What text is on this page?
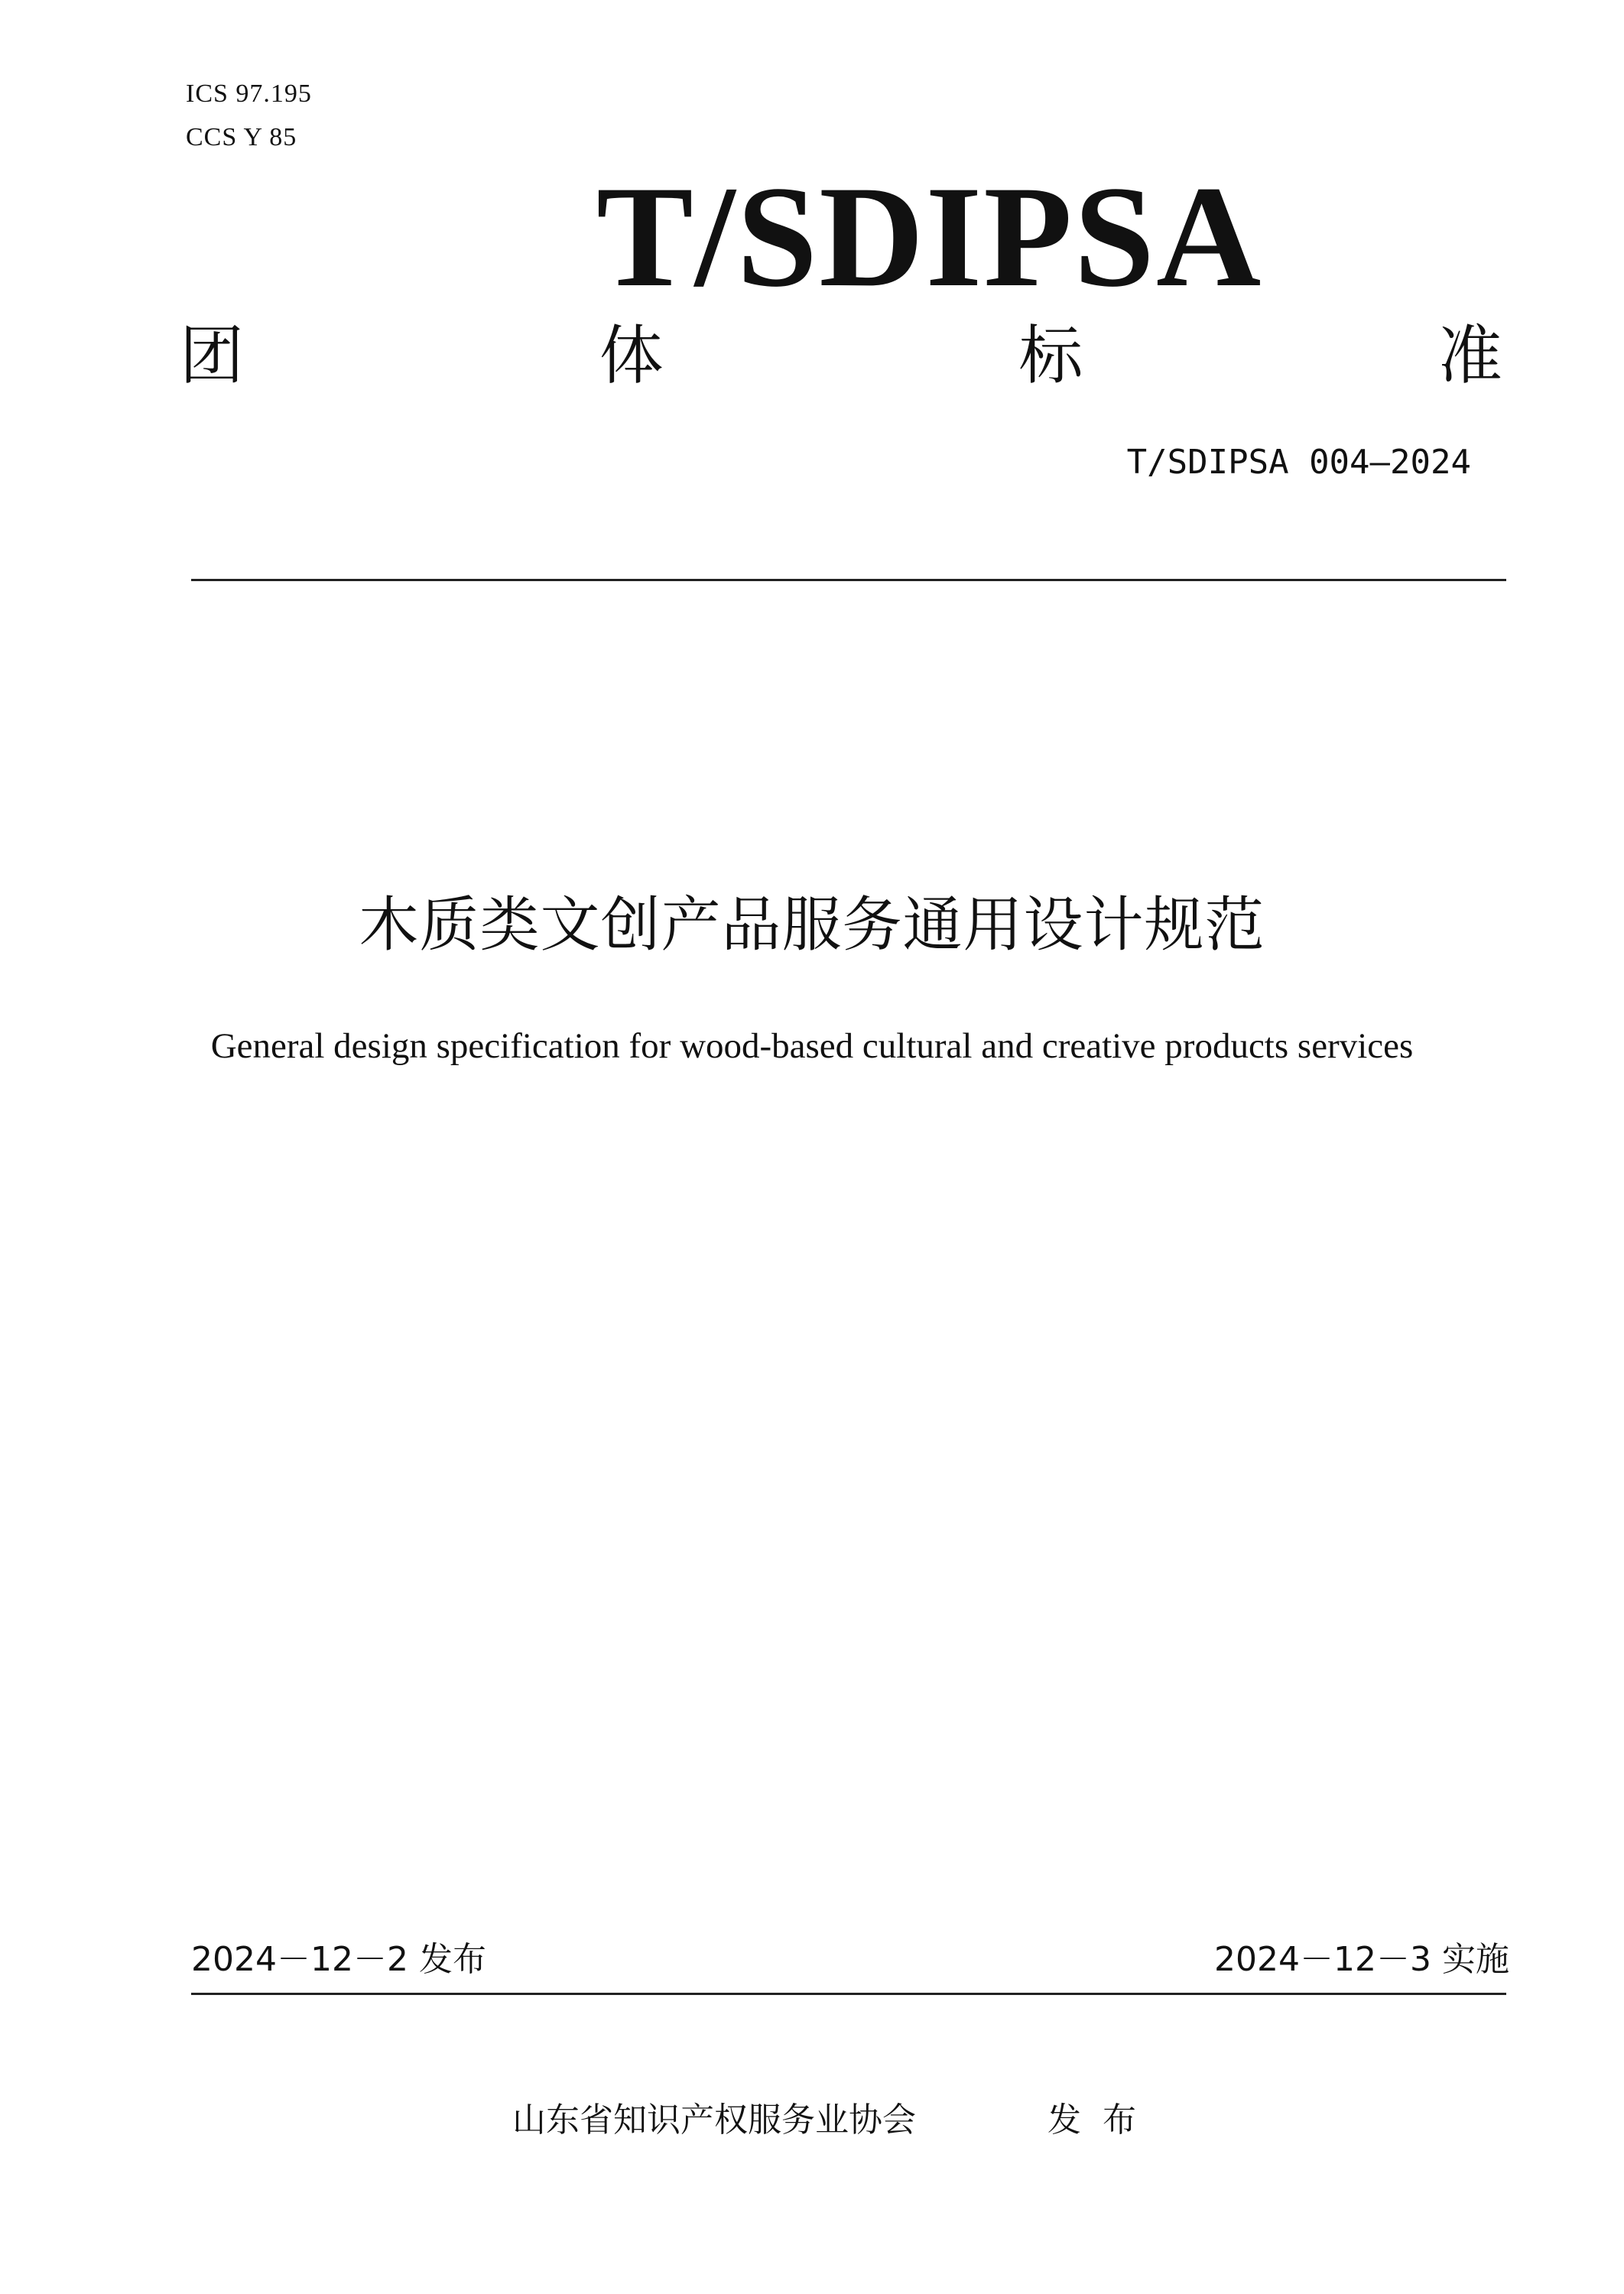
ICS 97.195
CCS Y 85
T/SDIPSA
团	体	标	准
T/SDIPSA 004—2024
木质类文创产品服务通用设计规范
General design specification for wood-based cultural and creative products services
2024－12－2 发布	2024－12－3 实施
山东省知识产权服务业协会	发布
